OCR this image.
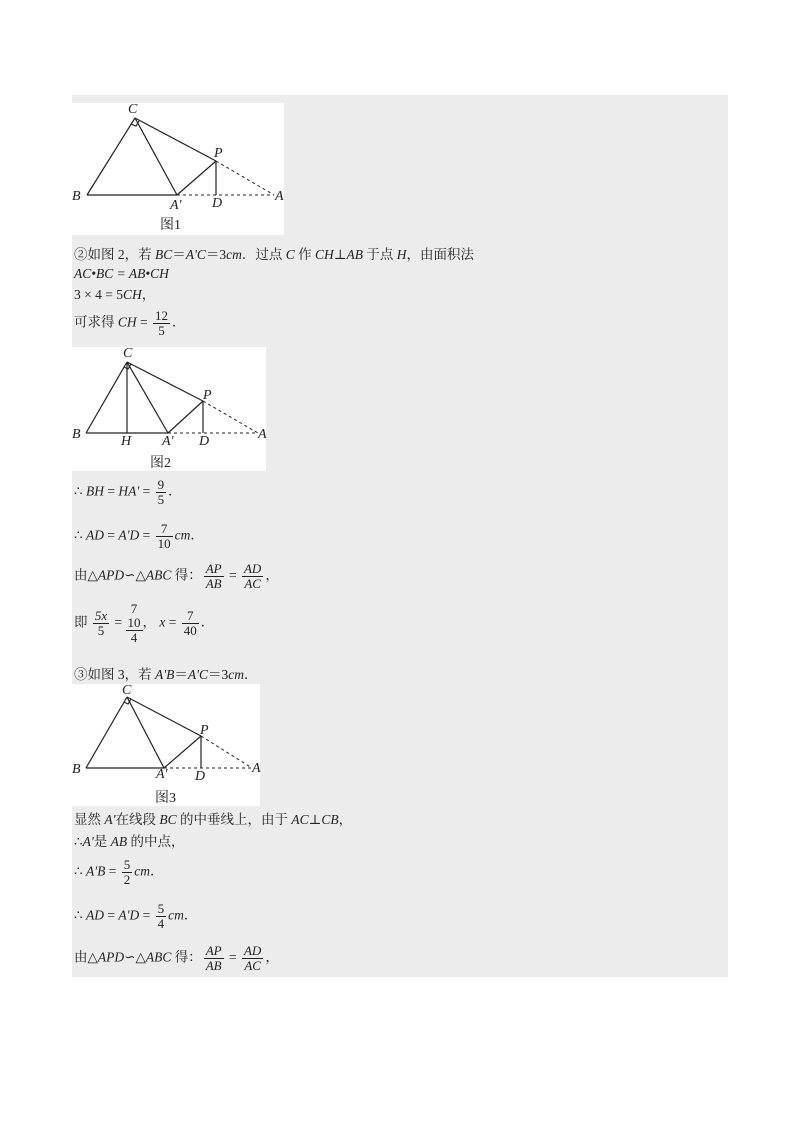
C
P
B
A′ D	A
图1
②如图 2，若 BC＝A'C＝3cm．过点 C 作 CH⊥AB 于点 H，由面积法
AC•BC = AB•CH
3 × 4 = 5CH，
可求得 CH = $\frac{12}{5}$ ．
C
P
B	H A′ D	A
图2
∴ BH = $HA' = \frac{9}{5}$ ．
∴ AD = $A'D = \frac{7}{10}$ cm．
由△APD∽△ABC 得： $\frac{AP}{AB} = \frac{AD}{AC}$ ，
即 $\frac{5x}{5}$ =
7
$\frac{10}{4}$ ， $x = \frac{7}{40}$ ．
③如图 3，若 A'B＝A'C＝3cm．
C
P
B	A′ D
A
图3
显然 A'在线段 BC 的中垂线上，由于 AC⊥CB，
∴A'是 AB 的中点，
∴ $A'B = \frac{5}{2}$ cm．
∴ AD = $A'D = \frac{5}{4}$ cm．
由△APD∽△ABC 得： $\frac{AP}{AB} = \frac{AD}{AC}$ ，
